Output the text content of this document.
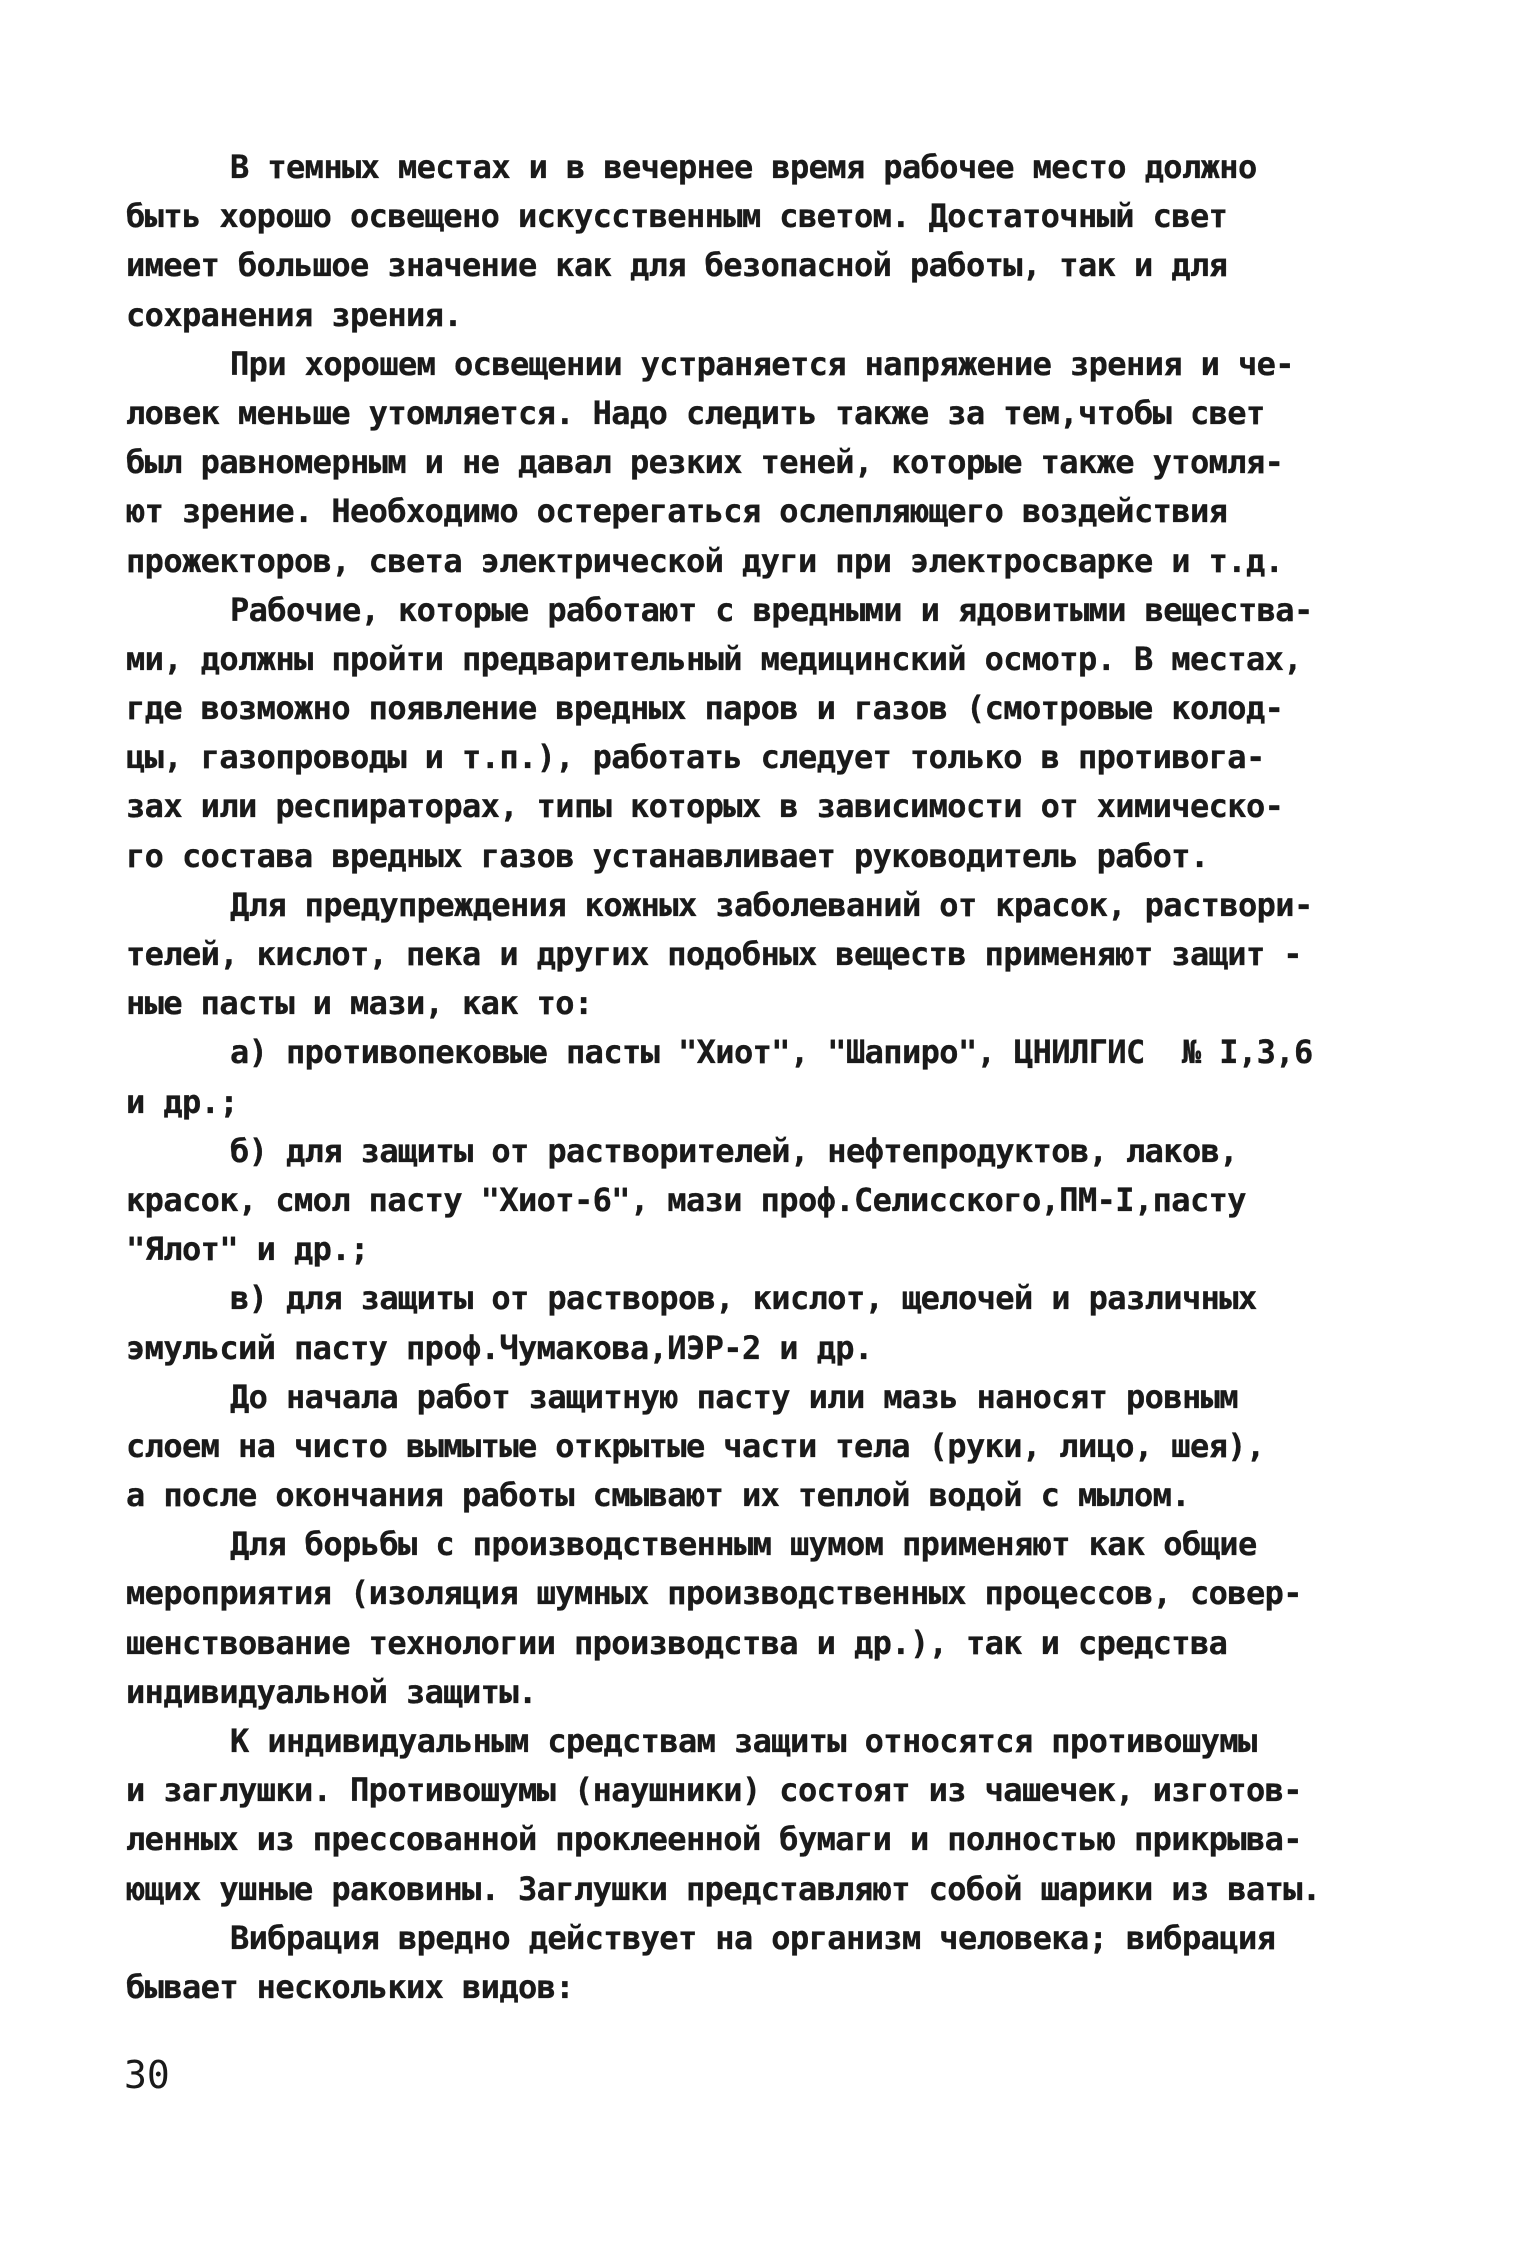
В темных местах и в вечернее время рабочее место должно
быть хорошо освещено искусственным светом. Достаточный свет
имеет большое значение как для безопасной работы, так и для
сохранения зрения.
При хорошем освещении устраняется напряжение зрения и че-
ловек меньше утомляется. Надо следить также за тем,чтобы свет
был равномерным и не давал резких теней, которые также утомля-
ют зрение. Необходимо остерегаться ослепляющего воздействия
прожекторов, света электрической дуги при электросварке и т.д.
Рабочие, которые работают с вредными и ядовитыми вещества-
ми, должны пройти предварительный медицинский осмотр. В местах,
где возможно появление вредных паров и газов (смотровые колод-
цы, газопроводы и т.п.), работать следует только в противога-
зах или респираторах, типы которых в зависимости от химическо-
го состава вредных газов устанавливает руководитель работ.
Для предупреждения кожных заболеваний от красок, раствори-
телей, кислот, пека и других подобных веществ применяют защит -
ные пасты и мази, как то:
а) противопековые пасты "Хиот", "Шапиро", ЦНИЛГИС  № I,3,6
и др.;
б) для защиты от растворителей, нефтепродуктов, лаков,
красок, смол пасту "Хиот-6", мази проф.Селисского,ПМ-I,пасту
"Ялот" и др.;
в) для защиты от растворов, кислот, щелочей и различных
эмульсий пасту проф.Чумакова,ИЭР-2 и др.
До начала работ защитную пасту или мазь наносят ровным
слоем на чисто вымытые открытые части тела (руки, лицо, шея),
а после окончания работы смывают их теплой водой с мылом.
Для борьбы с производственным шумом применяют как общие
мероприятия (изоляция шумных производственных процессов, совер-
шенствование технологии производства и др.), так и средства
индивидуальной защиты.
К индивидуальным средствам защиты относятся противошумы
и заглушки. Противошумы (наушники) состоят из чашечек, изготов-
ленных из прессованной проклеенной бумаги и полностью прикрыва-
ющих ушные раковины. Заглушки представляют собой шарики из ваты.
Вибрация вредно действует на организм человека; вибрация
бывает нескольких видов:
30
